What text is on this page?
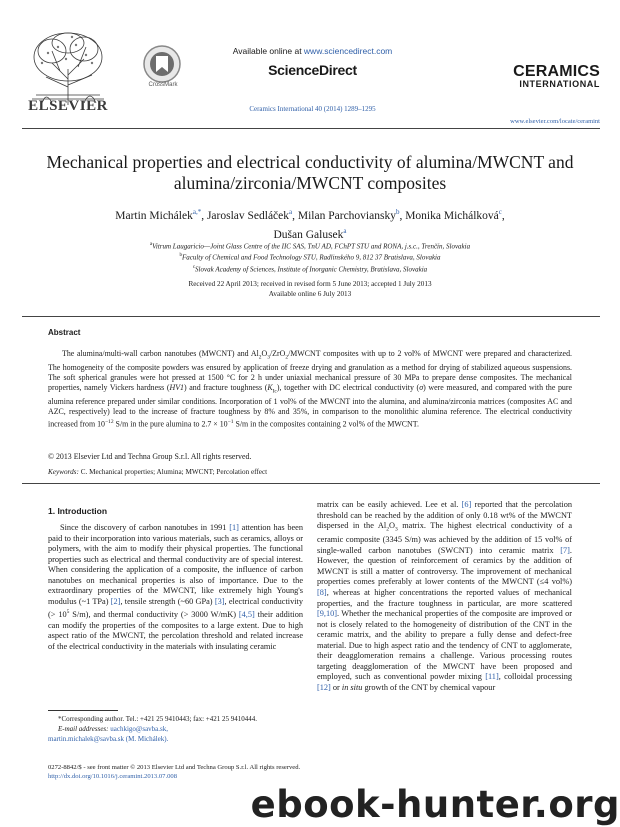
ELSEVIER
CrossMark
Available online at www.sciencedirect.com
ScienceDirect
Ceramics International 40 (2014) 1289–1295
CERAMICS
INTERNATIONAL
www.elsevier.com/locate/ceramint
Mechanical properties and electrical conductivity of alumina/MWCNT and
alumina/zirconia/MWCNT composites
Martin Michálek$^{a,*}$, Jaroslav Sedláček$^a$, Milan Parchoviansky$^b$, Monika Michálková$^c$,
Dušan Galusek$^a$
$^a$Vitrum Laugaricio—Joint Glass Centre of the IIC SAS, TnU AD, FChPT STU and RONA, j.s.c., Trenčín, Slovakia
$^b$Faculty of Chemical and Food Technology STU, Radlinského 9, 812 37 Bratislava, Slovakia
$^c$Slovak Academy of Sciences, Institute of Inorganic Chemistry, Bratislava, Slovakia
Received 22 April 2013; received in revised form 5 June 2013; accepted 1 July 2013
Available online 6 July 2013
Abstract
The alumina/multi-wall carbon nanotubes (MWCNT) and $Al_2O_3/ZrO_2$/MWCNT composites with up to 2 vol% of MWCNT were prepared and characterized. The homogeneity of the composite powders was ensured by application of freeze drying and granulation as a method for drying of stabilized aqueous suspensions. The soft spherical granules were hot pressed at 1500 °C for 2 h under uniaxial mechanical pressure of 30 MPa to prepare dense composites. The mechanical properties, namely Vickers hardness (HV1) and fracture toughness $(K_{Ic})$, together with DC electrical conductivity (σ) were measured, and compared with the pure alumina reference prepared under similar conditions. Incorporation of 1 vol% of the MWCNT into the alumina, and alumina/zirconia matrices (composites AC and AZC, respectively) lead to the increase of fracture toughness by 8% and 35%, in comparison to the monolithic alumina reference. The electrical conductivity increased from $10^{-12}$ S/m in the pure alumina to $2.7 \times 10^{-1}$ S/m in the composites containing 2 vol% of the MWCNT.
© 2013 Elsevier Ltd and Techna Group S.r.l. All rights reserved.
Keywords: C. Mechanical properties; Alumina; MWCNT; Percolation effect
1. Introduction
Since the discovery of carbon nanotubes in 1991 [1] attention has been paid to their incorporation into various materials, such as ceramics, alloys or polymers, with the aim to modify their physical properties. The functional properties such as electrical and thermal conductivity are of special interest. When considering the application of a composite, the influence of carbon nanotubes on mechanical properties is also of importance. Due to the extraordinary properties of the MWCNT, like extremely high Young's modulus (~1 TPa) [2], tensile strength (~60 GPa) [3], electrical conductivity (> $10^5$ S/m), and thermal conductivity (> 3000 W/mK) [4,5] their addition can modify the properties of the composites to a large extent. Due to high aspect ratio of the MWCNT, the percolation threshold and related increase of the electrical conductivity in the materials with insulating ceramic
matrix can be easily achieved. Lee et al. [6] reported that the percolation threshold can be reached by the addition of only 0.18 wt% of the MWCNT dispersed in the $Al_2O_3$ matrix. The highest electrical conductivity of a ceramic composite (3345 S/m) was achieved by the addition of 15 vol% of single-walled carbon nanotubes (SWCNT) into ceramic matrix [7]. However, the question of reinforcement of ceramics by the addition of MWCNT is still a matter of controversy. The improvement of mechanical properties comes preferably at lower contents of the MWCNT (≤4 vol%) [8], whereas at higher concentrations the reported values of mechanical properties, and the fracture toughness in particular, are more scattered [9,10]. Whether the mechanical properties of the composite are improved or not is closely related to the homogeneity of distribution of the CNT in the ceramic matrix, and the ability to prepare a fully dense and defect-free material. Due to high aspect ratio and the tendency of CNT to agglomerate, their deagglomeration remains a challenge. Various processing routes targeting deagglomeration of the MWCNT have been proposed and employed, such as conventional powder mixing [11], colloidal processing [12] or in situ growth of the CNT by chemical vapour
*Corresponding author. Tel.: +421 25 9410443; fax: +421 25 9410444.
E-mail addresses: uachkigo@savba.sk,
martin.michalek@savba.sk (M. Michálek).
0272-8842/$ - see front matter © 2013 Elsevier Ltd and Techna Group S.r.l. All rights reserved.
http://dx.doi.org/10.1016/j.ceramint.2013.07.008
ebook-hunter.org
